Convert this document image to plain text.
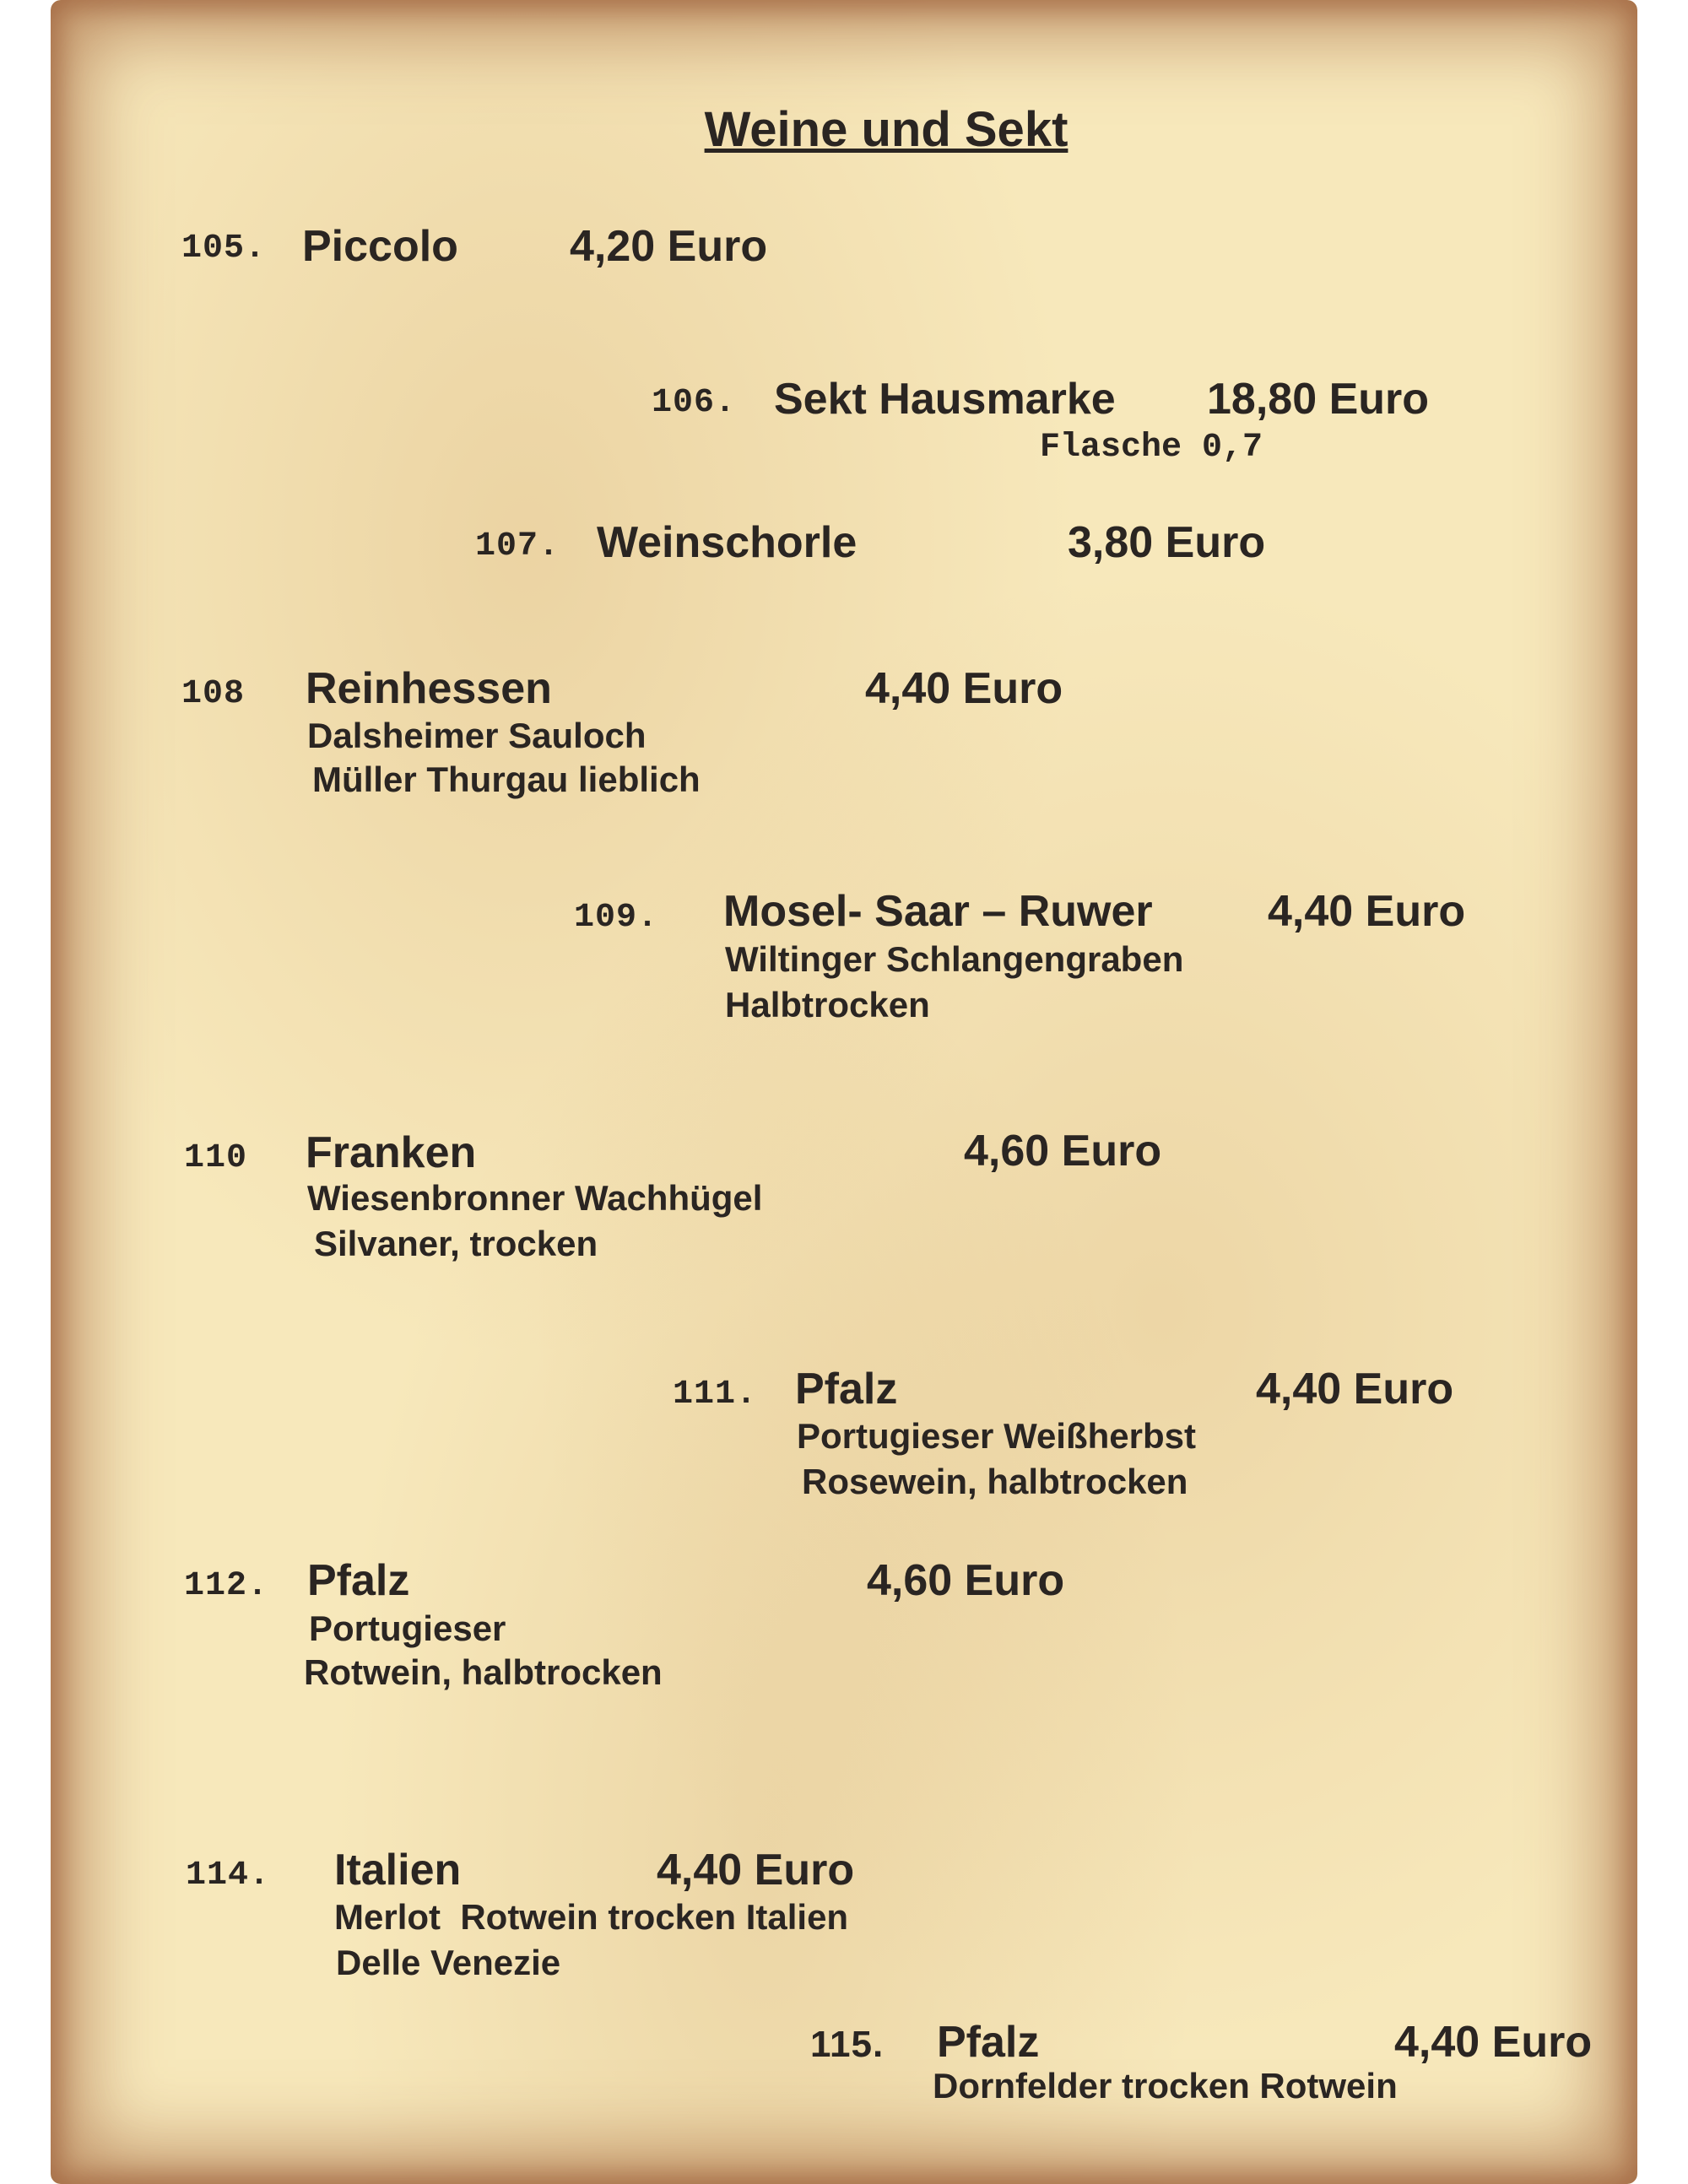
Weine und Sekt
105. Piccolo	4,20 Euro
106. Sekt Hausmarke 18,80 Euro
Flasche 0,7
107. Weinschorle	3,80 Euro
108 Reinhessen	4,40 Euro
Dalsheimer Sauloch
Müller Thurgau lieblich
109. Mosel- Saar – Ruwer	4,40 Euro
Wiltinger Schlangengraben
Halbtrocken
110 Franken	4,60 Euro
Wiesenbronner Wachhügel
Silvaner, trocken
111. Pfalz	4,40 Euro
Portugieser Weißherbst
Rosewein, halbtrocken
112. Pfalz	4,60 Euro
Portugieser
Rotwein, halbtrocken
114. Italien	4,40 Euro
Merlot  Rotwein trocken Italien
Delle Venezie
115. Pfalz	4,40 Euro
Dornfelder trocken Rotwein
